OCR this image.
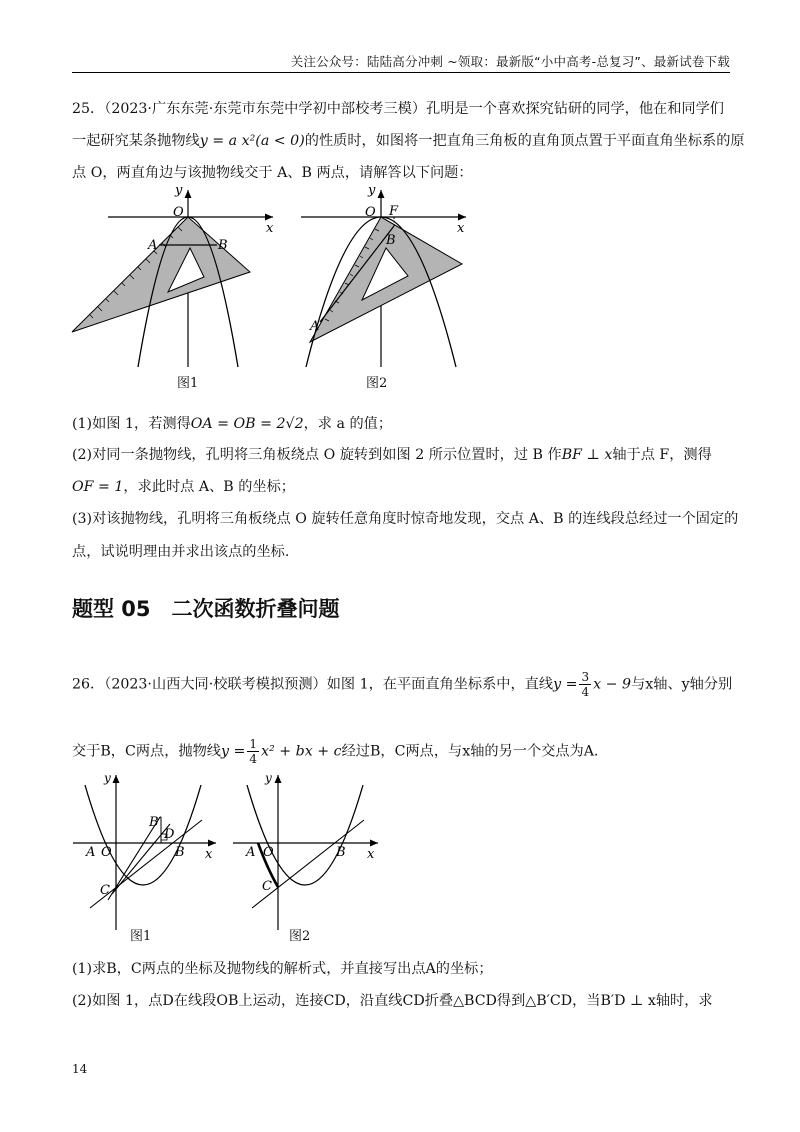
关注公众号：陆陆高分冲刺 ~领取：最新版“小中高考-总复习”、最新试卷下载
25．（2023·广东东莞·东莞市东莞中学初中部校考三模）孔明是一个喜欢探究钻研的同学，他在和同学们
一起研究某条抛物线y = a x²(a < 0)的性质时，如图将一把直角三角板的直角顶点置于平面直角坐标系的原
点 O，两直角边与该抛物线交于 A、B 两点，请解答以下问题：
y
O
x
A	B
图1
y
O F
x
B
A
图2
(1)如图 1，若测得OA = OB = 2√2，求 a 的值；
(2)对同一条抛物线，孔明将三角板绕点 O 旋转到如图 2 所示位置时，过 B 作BF ⊥ x轴于点 F，测得
OF = 1，求此时点 A、B 的坐标；
(3)对该抛物线，孔明将三角板绕点 O 旋转任意角度时惊奇地发现，交点 A、B 的连线段总经过一个固定的
点，试说明理由并求出该点的坐标.
题型 05　二次函数折叠问题
26．（2023·山西大同·校联考模拟预测）如图 1，在平面直角坐标系中，直线$y = \frac{3}{4}$ x − 9与x轴、y轴分别
交于B，C两点，抛物线$y = \frac{1}{4} x^2$ + bx + c经过B，C两点，与x轴的另一个交点为A.
y
A O	B x
C
B′
D
图1
y
A O	B x
C
图2
(1)求B，C两点的坐标及抛物线的解析式，并直接写出点A的坐标；
(2)如图 1，点D在线段OB上运动，连接CD，沿直线CD折叠△BCD得到△B′CD，当B′D ⊥ x轴时，求
14
